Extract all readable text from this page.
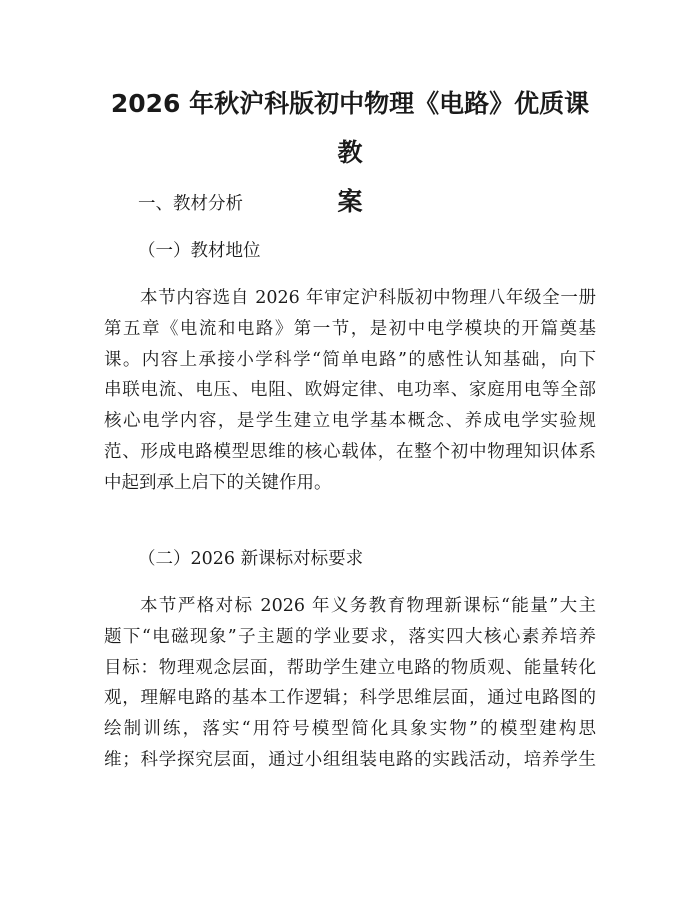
2026 年秋沪科版初中物理《电路》优质课教
案

一、教材分析

（一）教材地位

本节内容选自 2026 年审定沪科版初中物理八年级全一册
第五章《电流和电路》第一节，是初中电学模块的开篇奠基
课。内容上承接小学科学“简单电路”的感性认知基础，向下
串联电流、电压、电阻、欧姆定律、电功率、家庭用电等全部
核心电学内容，是学生建立电学基本概念、养成电学实验规
范、形成电路模型思维的核心载体，在整个初中物理知识体系
中起到承上启下的关键作用。

（二）2026 新课标对标要求

本节严格对标 2026 年义务教育物理新课标“能量”大主
题下“电磁现象”子主题的学业要求，落实四大核心素养培养
目标：物理观念层面，帮助学生建立电路的物质观、能量转化
观，理解电路的基本工作逻辑；科学思维层面，通过电路图的
绘制训练，落实“用符号模型简化具象实物”的模型建构思
维；科学探究层面，通过小组组装电路的实践活动，培养学生
